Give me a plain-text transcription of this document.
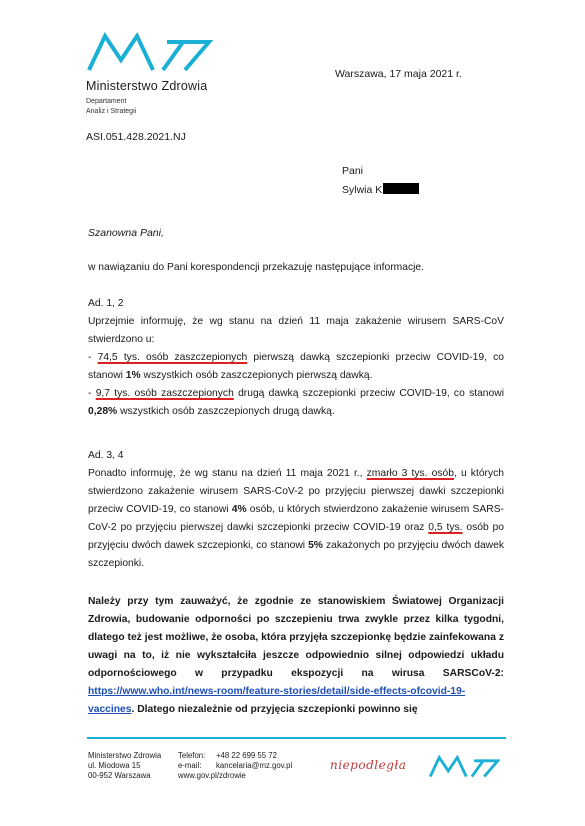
Ministerstwo Zdrowia
Departament
Analiz i Strategii
ASI.051.428.2021.NJ
Warszawa, 17 maja 2021 r.
Pani
Sylwia K
Szanowna Pani,

w nawiązaniu do Pani korespondencji przekazuję następujące informacje.

Ad. 1, 2

Uprzejmie informuję, że wg stanu na dzień 11 maja zakażenie wirusem SARS-CoV

stwierdzono u:

- 74,5 tys. osób zaszczepionych pierwszą dawką szczepionki przeciw COVID-19, co

stanowi 1% wszystkich osób zaszczepionych pierwszą dawką.

- 9,7 tys. osób zaszczepionych drugą dawką szczepionki przeciw COVID-19, co stanowi

0,28% wszystkich osób zaszczepionych drugą dawką.

Ad. 3, 4

Ponadto informuję, że wg stanu na dzień 11 maja 2021 r., zmarło 3 tys. osób, u których stwierdzono zakażenie wirusem SARS-CoV-2 po przyjęciu pierwszej dawki szczepionki przeciw COVID-19, co stanowi 4% osób, u których stwierdzono zakażenie wirusem SARS-CoV-2 po przyjęciu pierwszej dawki szczepionki przeciw COVID-19 oraz 0,5 tys. osób po przyjęciu dwóch dawek szczepionki, co stanowi 5% zakażonych po przyjęciu dwóch dawek szczepionki.

Należy przy tym zauważyć, że zgodnie ze stanowiskiem Światowej Organizacji Zdrowia, budowanie odporności po szczepieniu trwa zwykle przez kilka tygodni, dlatego też jest możliwe, że osoba, która przyjęła szczepionkę będzie zainfekowana z uwagi na to, iż nie wykształciła jeszcze odpowiednio silnej odpowiedzi układu odpornościowego w przypadku ekspozycji na wirusa SARSCoV-2: https://www.who.int/news-room/feature-stories/detail/side-effects-ofcovid-19-vaccines. Dlatego niezależnie od przyjęcia szczepionki powinno się

Ministerstwo Zdrowia
ul. Miodowa 15
00-952 Warszawa
Telefon:
e-mail:
www.gov.pl/zdrowie
+48 22 699 55 72
kancelaria@mz.gov.pl	niepodległa
